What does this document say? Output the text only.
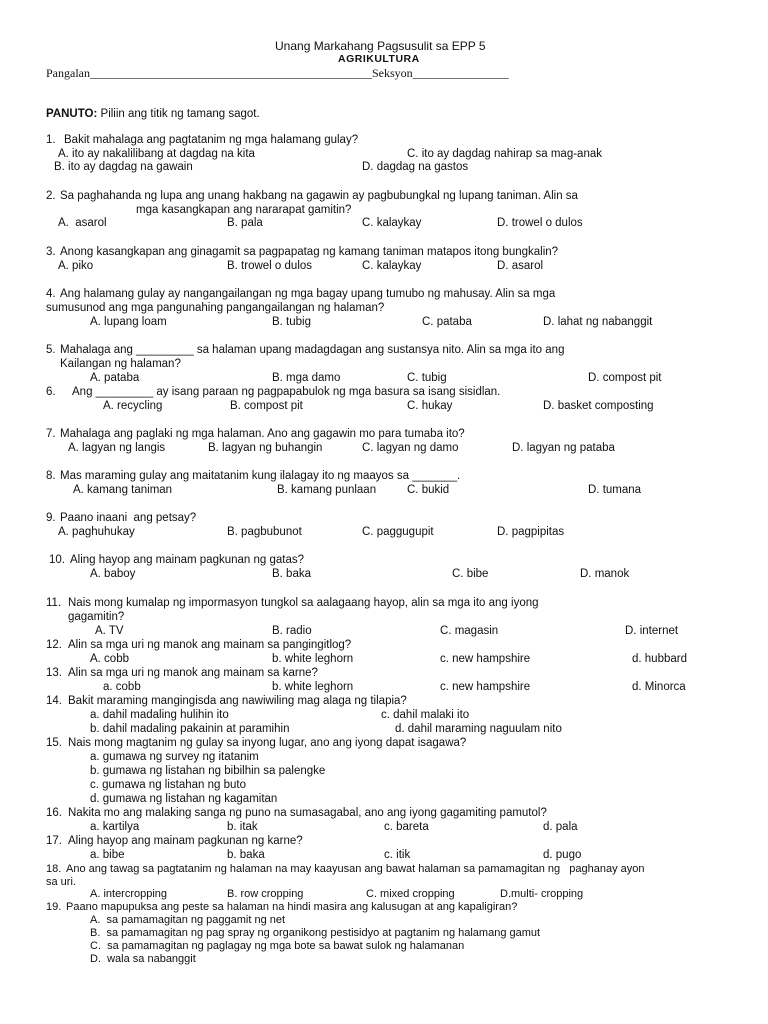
Unang Markahang Pagsusulit sa EPP 5
AGRIKULTURA
Pangalan_______________________________________________Seksyon________________
PANUTO: Piliin ang titik ng tamang sagot.
1. Bakit mahalaga ang pagtatanim ng mga halamang gulay?
A. ito ay nakalilibang at dagdag na kita	C. ito ay dagdag nahirap sa mag-anak
B. ito ay dagdag na gawain	D. dagdag na gastos
2. Sa paghahanda ng lupa ang unang hakbang na gagawin ay pagbubungkal ng lupang taniman. Alin sa
mga kasangkapan ang nararapat gamitin?
A.  asarol	B. pala	C. kalaykay	D. trowel o dulos
3. Anong kasangkapan ang ginagamit sa pagpapatag ng kamang taniman matapos itong bungkalin?
A. piko	B. trowel o dulos	C. kalaykay	D. asarol
4. Ang halamang gulay ay nangangailangan ng mga bagay upang tumubo ng mahusay. Alin sa mga
sumusunod ang mga pangunahing pangangailangan ng halaman?
A. lupang loam	B. tubig	C. pataba	D. lahat ng nabanggit
5. Mahalaga ang _________ sa halaman upang madagdagan ang sustansya nito. Alin sa mga ito ang
Kailangan ng halaman?
A. pataba	B. mga damo	C. tubig	D. compost pit
6. Ang _________ ay isang paraan ng pagpapabulok ng mga basura sa isang sisidlan.
A. recycling	B. compost pit	C. hukay	D. basket composting
7. Mahalaga ang paglaki ng mga halaman. Ano ang gagawin mo para tumaba ito?
A. lagyan ng langis	B. lagyan ng buhangin	C. lagyan ng damo	D. lagyan ng pataba
8. Mas maraming gulay ang maitatanim kung ilalagay ito ng maayos sa _______.
A. kamang taniman	B. kamang punlaan	C. bukid	D. tumana
9. Paano inaani  ang petsay?
A. paghuhukay	B. pagbubunot	C. paggugupit	D. pagpipitas
10. Aling hayop ang mainam pagkunan ng gatas?
A. baboy	B. baka	C. bibe	D. manok
11. Nais mong kumalap ng impormasyon tungkol sa aalagaang hayop, alin sa mga ito ang iyong
gagamitin?
A. TV	B. radio	C. magasin	D. internet
12. Alin sa mga uri ng manok ang mainam sa pangingitlog?
A. cobb	b. white leghorn	c. new hampshire	d. hubbard
13. Alin sa mga uri ng manok ang mainam sa karne?
a. cobb	b. white leghorn	c. new hampshire	d. Minorca
14. Bakit maraming mangingisda ang nawiwiling mag alaga ng tilapia?
a. dahil madaling hulihin ito	c. dahil malaki ito
b. dahil madaling pakainin at paramihin	d. dahil maraming naguulam nito
15. Nais mong magtanim ng gulay sa inyong lugar, ano ang iyong dapat isagawa?
a. gumawa ng survey ng itatanim
b. gumawa ng listahan ng bibilhin sa palengke
c. gumawa ng listahan ng buto
d. gumawa ng listahan ng kagamitan
16. Nakita mo ang malaking sanga ng puno na sumasagabal, ano ang iyong gagamiting pamutol?
a. kartilya	b. itak	c. bareta	d. pala
17. Aling hayop ang mainam pagkunan ng karne?
a. bibe	b. baka	c. itik	d. pugo
18. Ano ang tawag sa pagtatanim ng halaman na may kaayusan ang bawat halaman sa pamamagitan ng   paghanay ayon
sa uri.
A. intercropping	B. row cropping	C. mixed cropping	D.multi- cropping
19. Paano mapupuksa ang peste sa halaman na hindi masira ang kalusugan at ang kapaligiran?
A.  sa pamamagitan ng paggamit ng net
B.  sa pamamagitan ng pag spray ng organikong pestisidyo at pagtanim ng halamang gamut
C.  sa pamamagitan ng paglagay ng mga bote sa bawat sulok ng halamanan
D.  wala sa nabanggit
